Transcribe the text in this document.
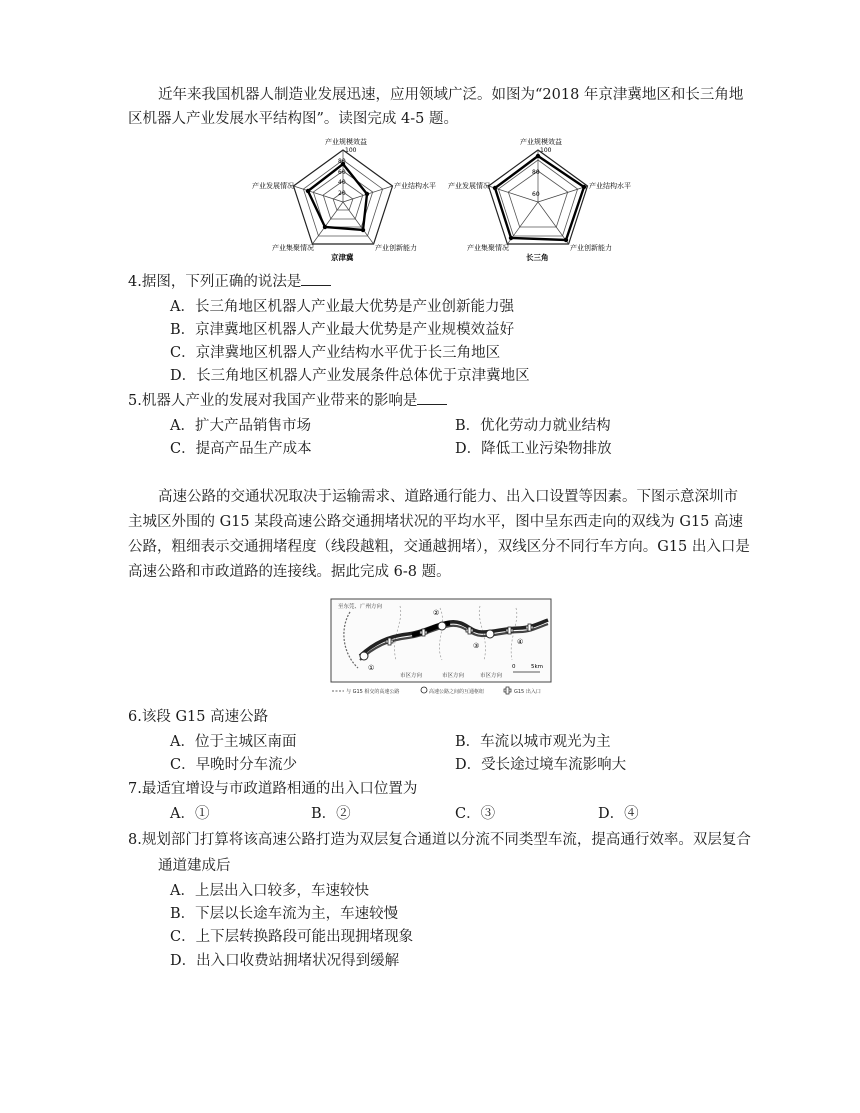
近年来我国机器人制造业发展迅速，应用领域广泛。如图为“2018 年京津冀地区和长三角地
区机器人产业发展水平结构图”。读图完成 4-5 题。
100
80
60
40
20
产业规模效益
产业结构水平
产业创新能力
产业集聚情况
产业发展情况
京津冀
100
80
60
产业规模效益
产业结构水平
产业创新能力
产业集聚情况
产业发展情况
长三角
4.据图，下列正确的说法是
A．长三角地区机器人产业最大优势是产业创新能力强
B．京津冀地区机器人产业最大优势是产业规模效益好
C．京津冀地区机器人产业结构水平优于长三角地区
D．长三角地区机器人产业发展条件总体优于京津冀地区
5.机器人产业的发展对我国产业带来的影响是
A．扩大产品销售市场	B．优化劳动力就业结构
C．提高产品生产成本	D．降低工业污染物排放
高速公路的交通状况取决于运输需求、道路通行能力、出入口设置等因素。下图示意深圳市
主城区外围的 G15 某段高速公路交通拥堵状况的平均水平，图中呈东西走向的双线为 G15 高速
公路，粗细表示交通拥堵程度（线段越粗，交通越拥堵），双线区分不同行车方向。G15 出入口是
高速公路和市政道路的连接线。据此完成 6-8 题。
至东莞、广州方向
①
②
③	④
市区方向	市区方向	市区方向
0	5km
与 G15 相交的高速公路	高速公路之间的互通枢纽	G15 出入口
6.该段 G15 高速公路
A．位于主城区南面	B．车流以城市观光为主
C．早晚时分车流少	D．受长途过境车流影响大
7.最适宜增设与市政道路相通的出入口位置为
A．①	B．②	C．③	D．④
8.规划部门打算将该高速公路打造为双层复合通道以分流不同类型车流，提高通行效率。双层复合
通道建成后
A．上层出入口较多，车速较快
B．下层以长途车流为主，车速较慢
C．上下层转换路段可能出现拥堵现象
D．出入口收费站拥堵状况得到缓解
